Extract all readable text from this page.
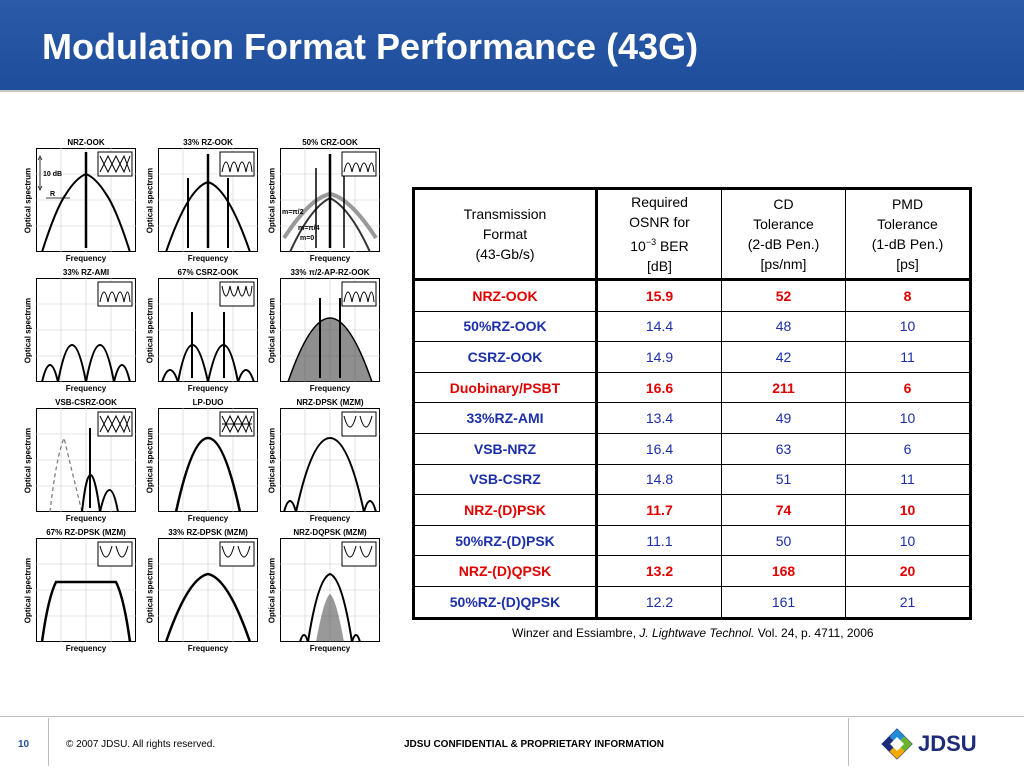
Modulation Format Performance (43G)
NRZ-OOK
Optical spectrum 10 dB
R
Frequency
33% RZ-OOK
Optical spectrum
Frequency
50% CRZ-OOK
Optical spectrum m=π/2
m=π/4
m=0
Frequency
33% RZ-AMI
Optical spectrum
Frequency
67% CSRZ-OOK
Optical spectrum
Frequency
33% π/2-AP-RZ-OOK
Optical spectrum
Frequency
VSB-CSRZ-OOK
Optical spectrum
Frequency
LP-DUO
Optical spectrum
Frequency
NRZ-DPSK (MZM)
Optical spectrum
Frequency
67% RZ-DPSK (MZM)
Optical spectrum
Frequency
33% RZ-DPSK (MZM)
Optical spectrum
Frequency
NRZ-DQPSK (MZM)
Optical spectrum
Frequency
Transmission
Format
(43-Gb/s)	Required
OSNR for
$10^{-3}$ BER
[dB]	CD
Tolerance
(2-dB Pen.)
[ps/nm]	PMD
Tolerance
(1-dB Pen.)
[ps]
NRZ-OOK	15.9	52	8
50%RZ-OOK	14.4	48	10
CSRZ-OOK	14.9	42	11
Duobinary/PSBT	16.6	211	6
33%RZ-AMI	13.4	49	10
VSB-NRZ	16.4	63	6
VSB-CSRZ	14.8	51	11
NRZ-(D)PSK	11.7	74	10
50%RZ-(D)PSK	11.1	50	10
NRZ-(D)QPSK	13.2	168	20
50%RZ-(D)QPSK	12.2	161	21
Winzer and Essiambre, J. Lightwave Technol. Vol. 24, p. 4711, 2006
10	© 2007 JDSU. All rights reserved.	JDSU CONFIDENTIAL & PROPRIETARY INFORMATION	JDSU
